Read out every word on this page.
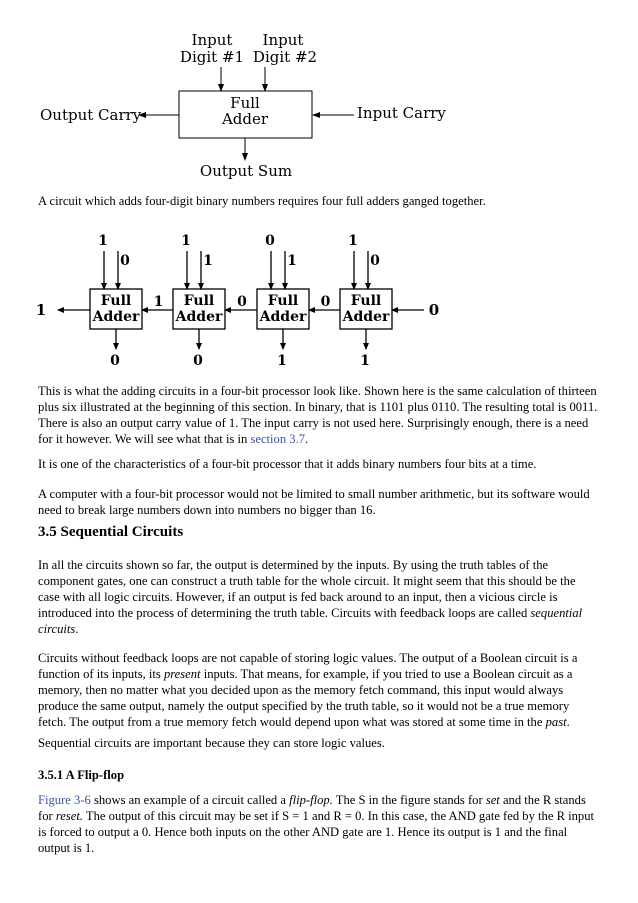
Input
Digit #1
Input
Digit #2
Full
Adder
Output Carry	Input Carry
Output Sum

A circuit which adds four-digit binary numbers requires four full adders ganged together.

Full
Adder
1
0
0
Full
Adder
1
1
0
Full
Adder
0
1
1
Full
Adder
1
0
1
1	0	0
1	0

This is what the adding circuits in a four-bit processor look like. Shown here is the same calculation of thirteen plus six illustrated at the beginning of this section. In binary, that is 1101 plus 0110. The resulting total is 0011. There is also an output carry value of 1. The input carry is not used here. Surprisingly enough, there is a need for it however. We will see what that is in section 3.7.

It is one of the characteristics of a four-bit processor that it adds binary numbers four bits at a time.

A computer with a four-bit processor would not be limited to small number arithmetic, but its software would need to break large numbers down into numbers no bigger than 16.

3.5 Sequential Circuits

In all the circuits shown so far, the output is determined by the inputs. By using the truth tables of the component gates, one can construct a truth table for the whole circuit. It might seem that this should be the case with all logic circuits. However, if an output is fed back around to an input, then a vicious circle is introduced into the process of determining the truth table. Circuits with feedback loops are called sequential circuits.

Circuits without feedback loops are not capable of storing logic values. The output of a Boolean circuit is a function of its inputs, its present inputs. That means, for example, if you tried to use a Boolean circuit as a memory, then no matter what you decided upon as the memory fetch command, this input would always produce the same output, namely the output specified by the truth table, so it would not be a true memory fetch. The output from a true memory fetch would depend upon what was stored at some time in the past.

Sequential circuits are important because they can store logic values.

3.5.1 A Flip-flop

Figure 3-6 shows an example of a circuit called a flip-flop. The S in the figure stands for set and the R stands for reset. The output of this circuit may be set if S = 1 and R = 0. In this case, the AND gate fed by the R input is forced to output a 0. Hence both inputs on the other AND gate are 1. Hence its output is 1 and the final output is 1.
